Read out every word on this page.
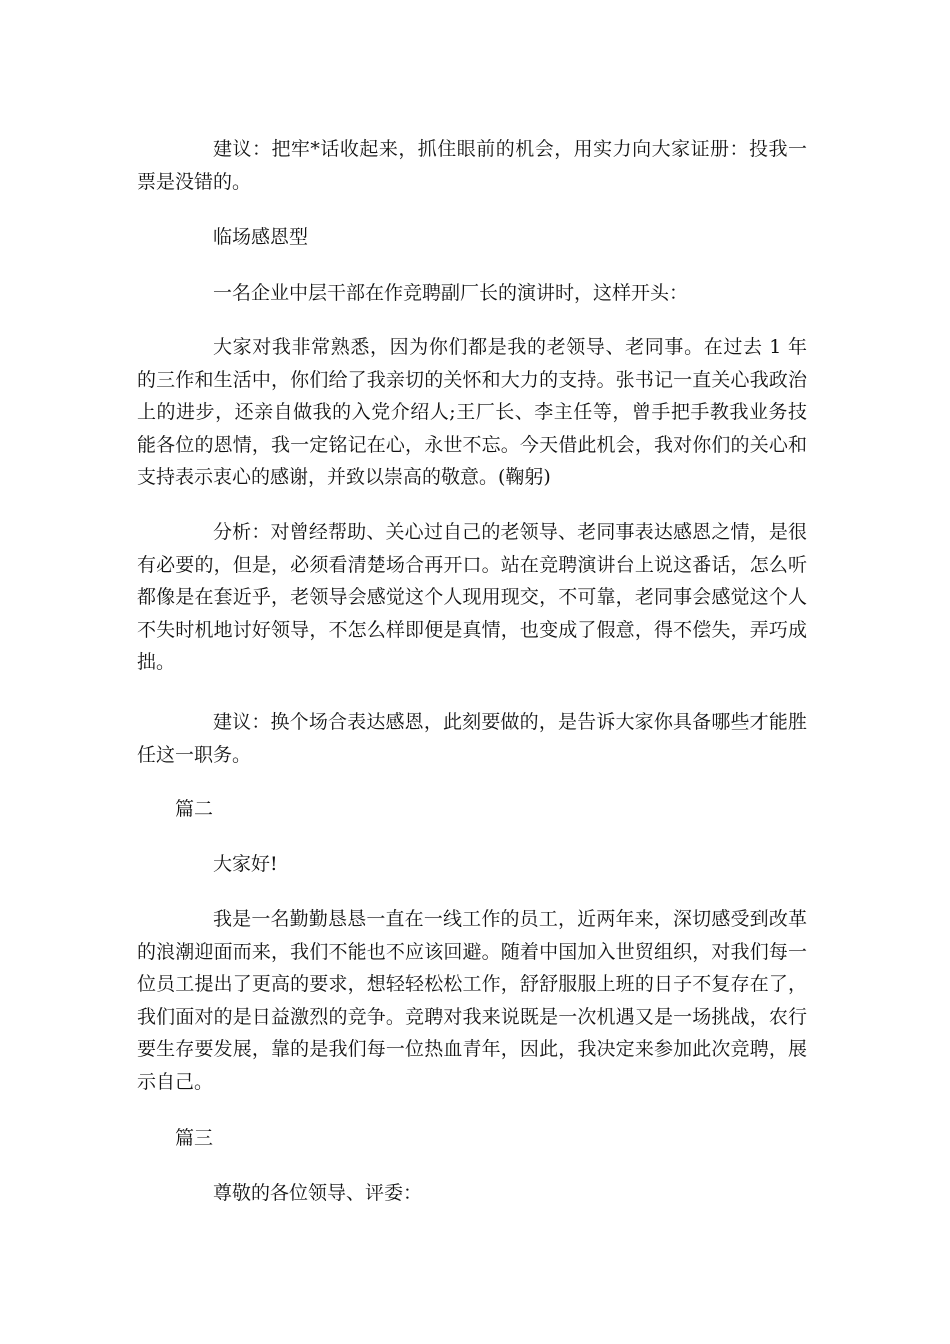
建议：把牢*话收起来，抓住眼前的机会，用实力向大家证册：投我一票是没错的。

临场感恩型

一名企业中层干部在作竞聘副厂长的演讲时，这样开头：

大家对我非常熟悉，因为你们都是我的老领导、老同事。在过去 1 年的三作和生活中，你们给了我亲切的关怀和大力的支持。张书记一直关心我政治上的进步，还亲自做我的入党介绍人;王厂长、李主任等，曾手把手教我业务技能各位的恩情，我一定铭记在心，永世不忘。今天借此机会，我对你们的关心和支持表示衷心的感谢，并致以崇高的敬意。(鞠躬)

分析：对曾经帮助、关心过自己的老领导、老同事表达感恩之情，是很有必要的，但是，必须看清楚场合再开口。站在竞聘演讲台上说这番话，怎么听都像是在套近乎，老领导会感觉这个人现用现交，不可靠，老同事会感觉这个人不失时机地讨好领导，不怎么样即便是真情，也变成了假意，得不偿失，弄巧成拙。

建议：换个场合表达感恩，此刻要做的，是告诉大家你具备哪些才能胜任这一职务。

篇二

大家好!

我是一名勤勤恳恳一直在一线工作的员工，近两年来，深切感受到改革的浪潮迎面而来，我们不能也不应该回避。随着中国加入世贸组织，对我们每一位员工提出了更高的要求，想轻轻松松工作，舒舒服服上班的日子不复存在了，我们面对的是日益激烈的竞争。竞聘对我来说既是一次机遇又是一场挑战，农行要生存要发展，靠的是我们每一位热血青年，因此，我决定来参加此次竞聘，展示自己。

篇三

尊敬的各位领导、评委：
